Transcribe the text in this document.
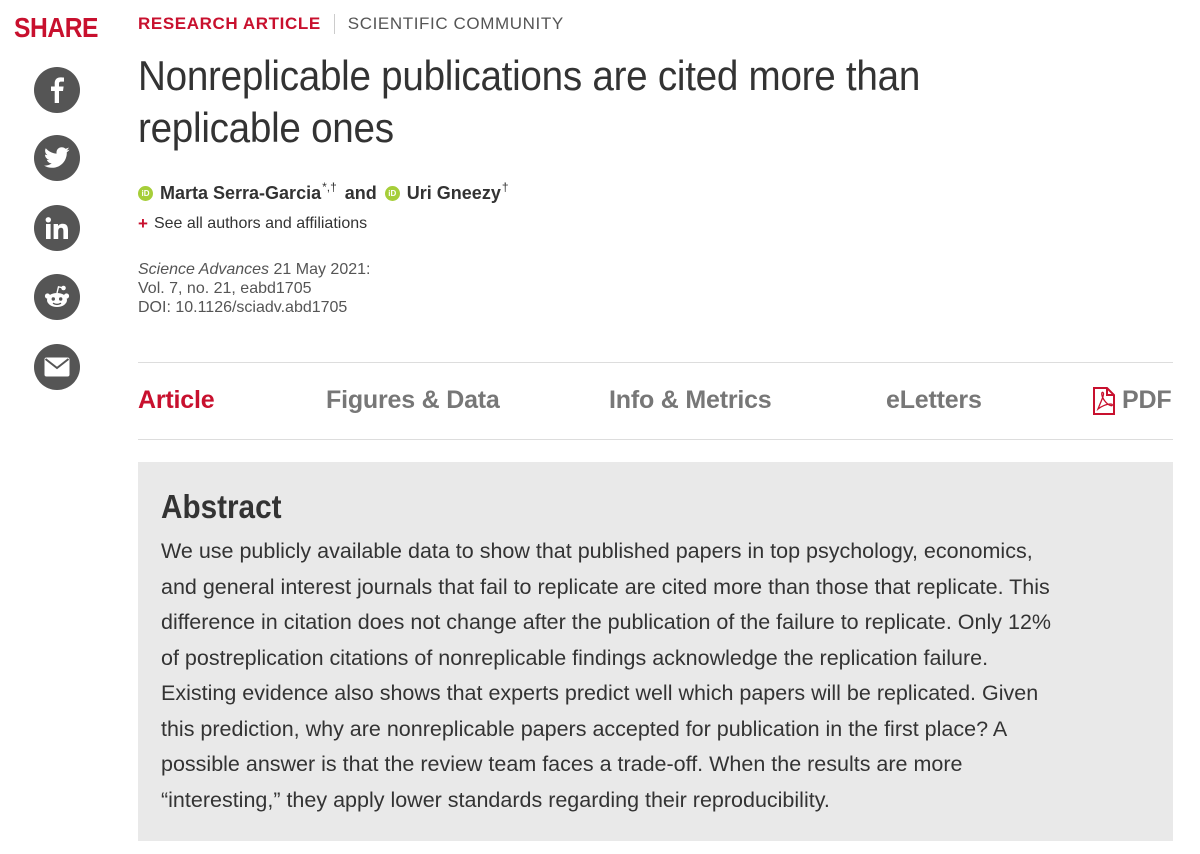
SHARE RESEARCH ARTICLE SCIENTIFIC COMMUNITY
Nonreplicable publications are cited more than replicable ones
iD Marta Serra-Garcia *,† and	iD Uri Gneezy †
+ See all authors and affiliations
Science Advances 21 May 2021:
Vol. 7, no. 21, eabd1705
DOI: 10.1126/sciadv.abd1705
Article	Figures & Data	Info & Metrics	eLetters	PDF
Abstract
We use publicly available data to show that published papers in top psychology, economics,
and general interest journals that fail to replicate are cited more than those that replicate. This
difference in citation does not change after the publication of the failure to replicate. Only 12%
of postreplication citations of nonreplicable findings acknowledge the replication failure.
Existing evidence also shows that experts predict well which papers will be replicated. Given
this prediction, why are nonreplicable papers accepted for publication in the first place? A
possible answer is that the review team faces a trade-off. When the results are more
“interesting,” they apply lower standards regarding their reproducibility.
